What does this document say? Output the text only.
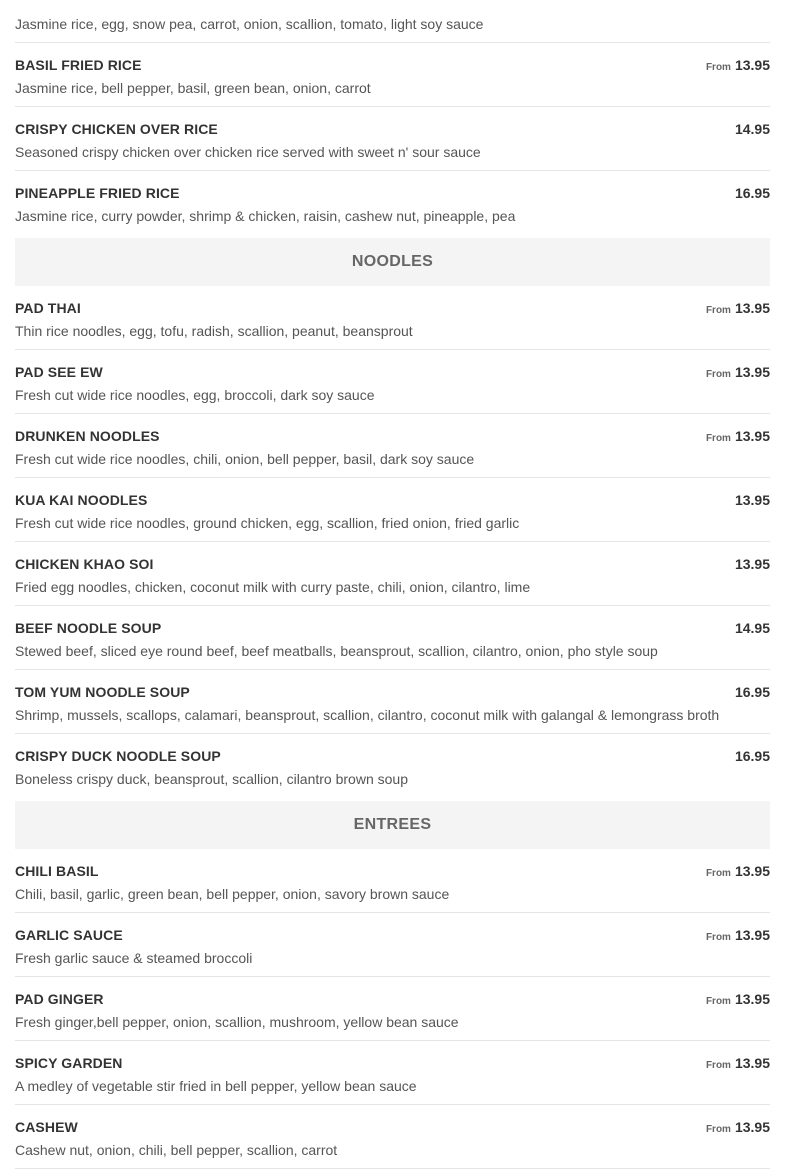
Jasmine rice, egg, snow pea, carrot, onion, scallion, tomato, light soy sauce
BASIL FRIED RICE	From 13.95
Jasmine rice, bell pepper, basil, green bean, onion, carrot
CRISPY CHICKEN OVER RICE	14.95
Seasoned crispy chicken over chicken rice served with sweet n' sour sauce
PINEAPPLE FRIED RICE	16.95
Jasmine rice, curry powder, shrimp & chicken, raisin, cashew nut, pineapple, pea
NOODLES
PAD THAI	From 13.95
Thin rice noodles, egg, tofu, radish, scallion, peanut, beansprout
PAD SEE EW	From 13.95
Fresh cut wide rice noodles, egg, broccoli, dark soy sauce
DRUNKEN NOODLES	From 13.95
Fresh cut wide rice noodles, chili, onion, bell pepper, basil, dark soy sauce
KUA KAI NOODLES	13.95
Fresh cut wide rice noodles, ground chicken, egg, scallion, fried onion, fried garlic
CHICKEN KHAO SOI	13.95
Fried egg noodles, chicken, coconut milk with curry paste, chili, onion, cilantro, lime
BEEF NOODLE SOUP	14.95
Stewed beef, sliced eye round beef, beef meatballs, beansprout, scallion, cilantro, onion, pho style soup
TOM YUM NOODLE SOUP	16.95
Shrimp, mussels, scallops, calamari, beansprout, scallion, cilantro, coconut milk with galangal & lemongrass broth
CRISPY DUCK NOODLE SOUP	16.95
Boneless crispy duck, beansprout, scallion, cilantro brown soup
ENTREES
CHILI BASIL	From 13.95
Chili, basil, garlic, green bean, bell pepper, onion, savory brown sauce
GARLIC SAUCE	From 13.95
Fresh garlic sauce & steamed broccoli
PAD GINGER	From 13.95
Fresh ginger,bell pepper, onion, scallion, mushroom, yellow bean sauce
SPICY GARDEN	From 13.95
A medley of vegetable stir fried in bell pepper, yellow bean sauce
CASHEW	From 13.95
Cashew nut, onion, chili, bell pepper, scallion, carrot
